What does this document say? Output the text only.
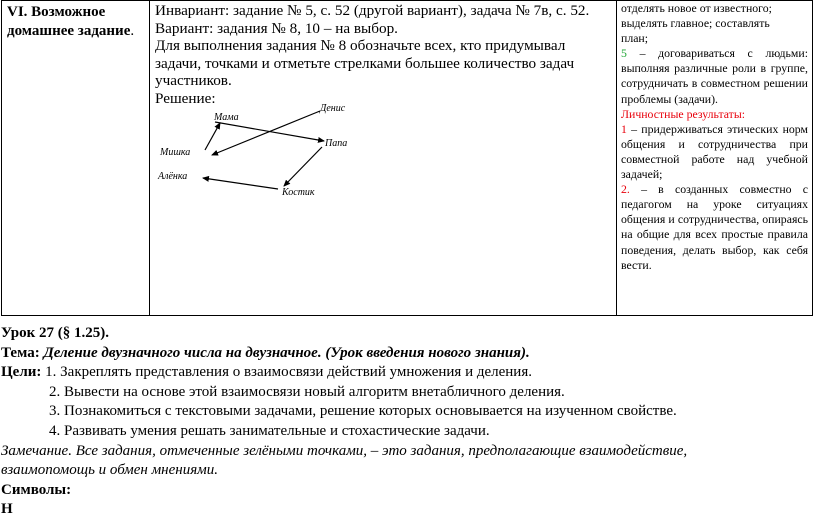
VI. Возможное
домашнее задание.

Инвариант: задание № 5, с. 52 (другой вариант), задача № 7в, с. 52.
Вариант: задания № 8, 10 – на выбор.
Для выполнения задания № 8 обозначьте всех, кто придумывал
задачи, точками и отметьте стрелками большее количество задач
участников.
Решение:
Мама
Денис
Папа
Мишка
Алёнка
Костик

отделять новое от известного;

выделять главное; составлять

план;

5 – договариваться с людьми: выполняя различные роли в группе, сотрудничать в совместном решении проблемы (задачи).

Личностные результаты:

1 – придерживаться этических норм общения и сотрудничества при совместной работе над учебной задачей;

2. – в созданных совместно с педагогом на уроке ситуациях общения и сотрудничества, опираясь на общие для всех простые правила поведения, делать выбор, как себя вести.

Урок 27 (§ 1.25).
Тема: Деление двузначного числа на двузначное. (Урок введения нового знания).
Цели: 1. Закреплять представления о взаимосвязи действий умножения и деления.
2. Вывести на основе этой взаимосвязи новый алгоритм внетабличного деления.
3. Познакомиться с текстовыми задачами, решение которых основывается на изученном свойстве.
4. Развивать умения решать занимательные и стохастические задачи.
Замечание. Все задания, отмеченные зелёными точками, – это задания, предполагающие взаимодействие,
взаимопомощь и обмен мнениями.
Символы:
Н
